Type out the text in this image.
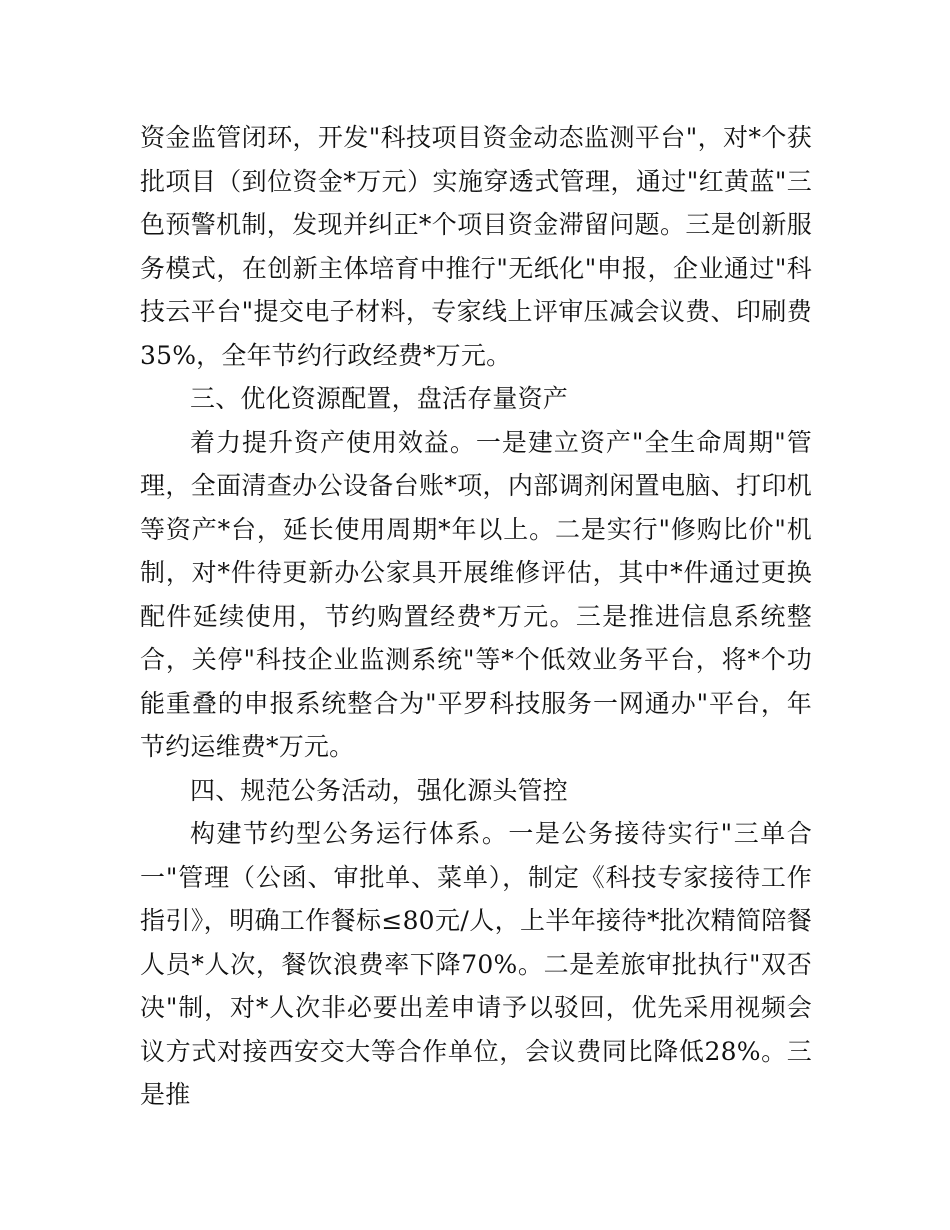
资金监管闭环，开发"科技项目资金动态监测平台"，对*个获批项目（到位资金*万元）实施穿透式管理，通过"红黄蓝"三色预警机制，发现并纠正*个项目资金滞留问题。三是创新服务模式，在创新主体培育中推行"无纸化"申报，企业通过"科技云平台"提交电子材料，专家线上评审压减会议费、印刷费35%，全年节约行政经费*万元。

三、优化资源配置，盘活存量资产

着力提升资产使用效益。一是建立资产"全生命周期"管理，全面清查办公设备台账*项，内部调剂闲置电脑、打印机等资产*台，延长使用周期*年以上。二是实行"修购比价"机制，对*件待更新办公家具开展维修评估，其中*件通过更换配件延续使用，节约购置经费*万元。三是推进信息系统整合，关停"科技企业监测系统"等*个低效业务平台，将*个功能重叠的申报系统整合为"平罗科技服务一网通办"平台，年节约运维费*万元。

四、规范公务活动，强化源头管控

构建节约型公务运行体系。一是公务接待实行"三单合一"管理（公函、审批单、菜单），制定《科技专家接待工作指引》，明确工作餐标≤80元/人，上半年接待*批次精简陪餐人员*人次，餐饮浪费率下降70%。二是差旅审批执行"双否决"制，对*人次非必要出差申请予以驳回，优先采用视频会议方式对接西安交大等合作单位，会议费同比降低28%。三是推
